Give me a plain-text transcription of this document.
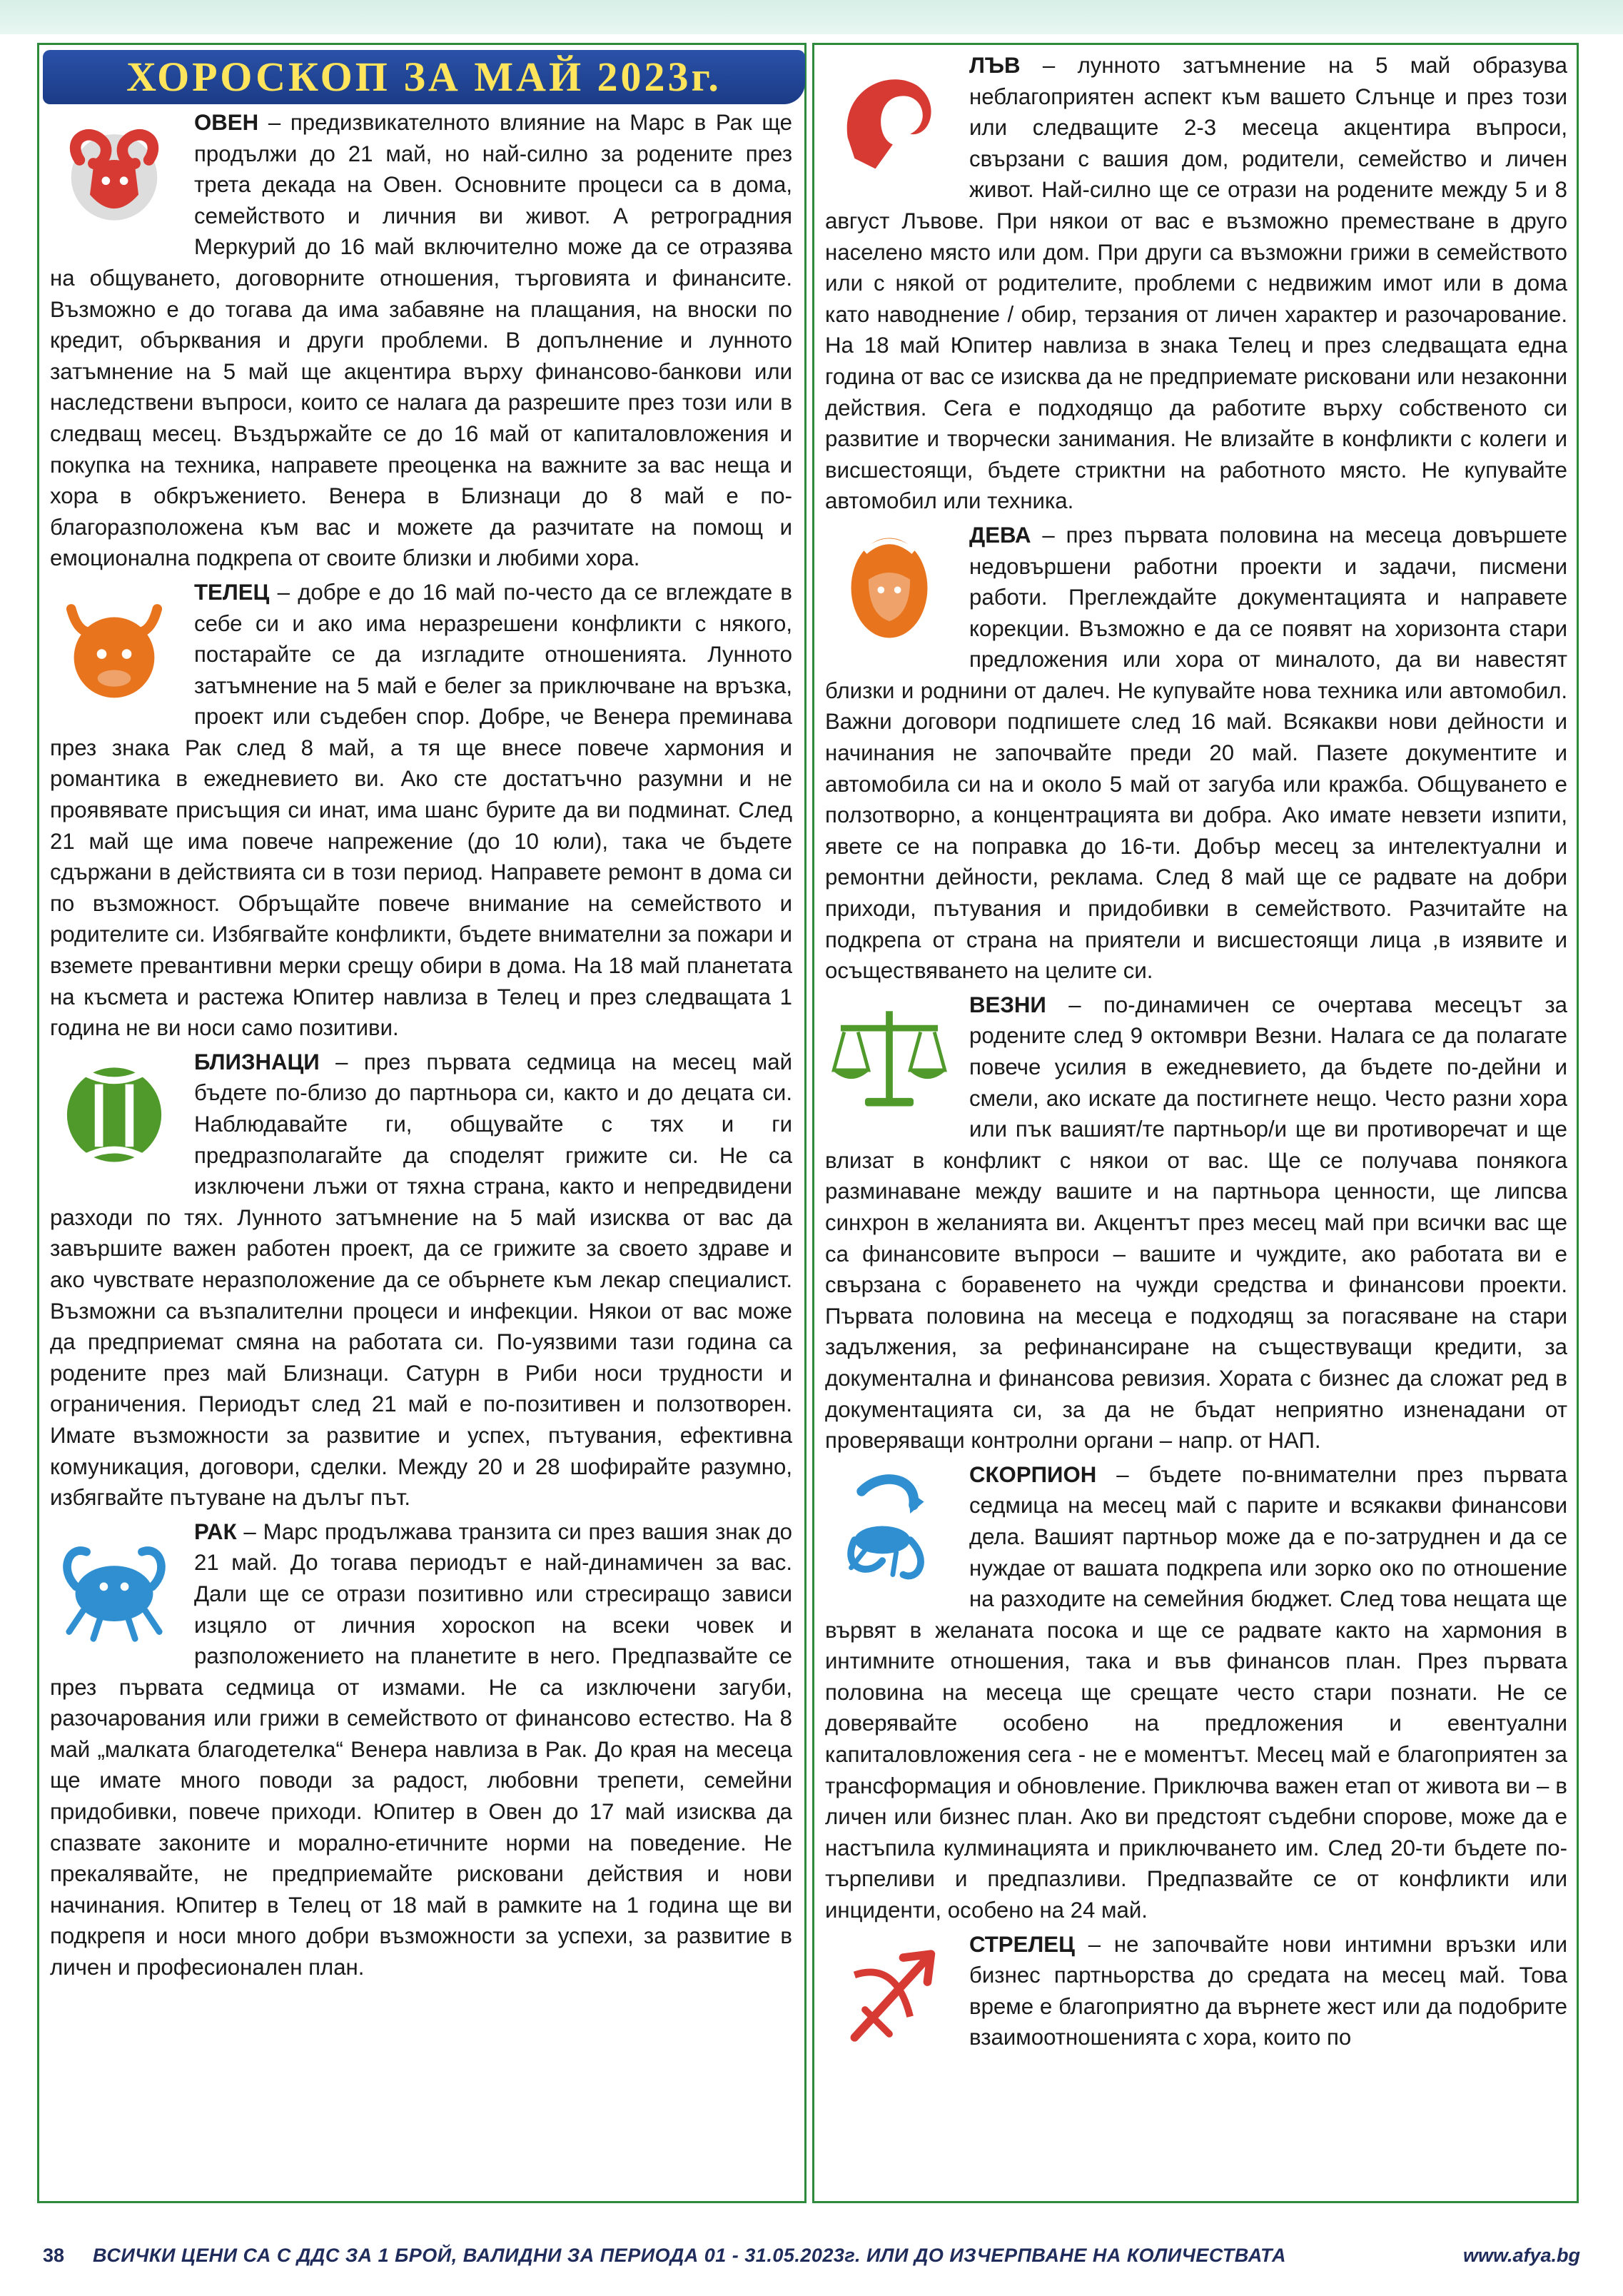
ХОРОСКОП ЗА МАЙ 2023г.

ОВЕН – предизвикателното влияние на Марс в Рак ще продължи до 21 май, но най-силно за родените през трета декада на Овен. Основните процеси са в дома, семейството и личния ви живот. А ретроградния Меркурий до 16 май включително може да се отразява на общуването, договорните отношения, търговията и финансите. Възможно е до тогава да има забавяне на плащания, на вноски по кредит, обърквания и други проблеми. В допълнение и лунното затъмнение на 5 май ще акцентира върху финансово-банкови или наследствени въпроси, които се налага да разрешите през този или в следващ месец. Въздържайте се до 16 май от капиталовложения и покупка на техника, направете преоценка на важните за вас неща и хора в обкръжението. Венера в Близнаци до 8 май е по-благоразположена към вас и можете да разчитате на помощ и емоционална подкрепа от своите близки и любими хора.

ТЕЛЕЦ – добре е до 16 май по-често да се вглеждате в себе си и ако има неразрешени конфликти с някого, постарайте се да изгладите отношенията. Лунното затъмнение на 5 май е белег за приключване на връзка, проект или съдебен спор. Добре, че Венера преминава през знака Рак след 8 май, а тя ще внесе повече хармония и романтика в ежедневието ви. Ако сте достатъчно разумни и не проявявате присъщия си инат, има шанс бурите да ви подминат. След 21 май ще има повече напрежение (до 10 юли), така че бъдете сдържани в действията си в този период. Направете ремонт в дома си по възможност. Обръщайте повече внимание на семейството и родителите си. Избягвайте конфликти, бъдете внимателни за пожари и вземете превантивни мерки срещу обири в дома. На 18 май планетата на късмета и растежа Юпитер навлиза в Телец и през следващата 1 година не ви носи само позитиви.

БЛИЗНАЦИ – през първата седмица на месец май бъдете по-близо до партньора си, както и до децата си. Наблюдавайте ги, общувайте с тях и ги предразполагайте да споделят грижите си. Не са изключени лъжи от тяхна страна, както и непредвидени разходи по тях. Лунното затъмнение на 5 май изисква от вас да завършите важен работен проект, да се грижите за своето здраве и ако чувствате неразположение да се обърнете към лекар специалист. Възможни са възпалителни процеси и инфекции. Някои от вас може да предприемат смяна на работата си. По-уязвими тази година са родените през май Близнаци. Сатурн в Риби носи трудности и ограничения. Периодът след 21 май е по-позитивен и ползотворен. Имате възможности за развитие и успех, пътувания, ефективна комуникация, договори, сделки. Между 20 и 28 шофирайте разумно, избягвайте пътуване на дълъг път.

РАК – Марс продължава транзита си през вашия знак до 21 май. До тогава периодът е най-динамичен за вас. Дали ще се отрази позитивно или стресиращо зависи изцяло от личния хороскоп на всеки човек и разположението на планетите в него. Предпазвайте се през първата седмица от измами. Не са изключени загуби, разочарования или грижи в семейството от финансово естество. На 8 май „малката благодетелка“ Венера навлиза в Рак. До края на месеца ще имате много поводи за радост, любовни трепети, семейни придобивки, повече приходи. Юпитер в Овен до 17 май изисква да спазвате законите и морално-етичните норми на поведение. Не прекалявайте, не предприемайте рисковани действия и нови начинания. Юпитер в Телец от 18 май в рамките на 1 година ще ви подкрепя и носи много добри възможности за успехи, за развитие в личен и професионален план.

ЛЪВ – лунното затъмнение на 5 май образува неблагоприятен аспект към вашето Слънце и през този или следващите 2-3 месеца акцентира въпроси, свързани с вашия дом, родители, семейство и личен живот. Най-силно ще се отрази на родените между 5 и 8 август Лъвове. При някои от вас е възможно преместване в друго населено място или дом. При други са възможни грижи в семейството или с някой от родителите, проблеми с недвижим имот или в дома като наводнение / обир, терзания от личен характер и разочарование. На 18 май Юпитер навлиза в знака Телец и през следващата една година от вас се изисква да не предприемате рисковани или незаконни действия. Сега е подходящо да работите върху собственото си развитие и творчески занимания. Не влизайте в конфликти с колеги и висшестоящи, бъдете стриктни на работното място. Не купувайте автомобил или техника.

ДЕВА – през първата половина на месеца довършете недовършени работни проекти и задачи, писмени работи. Преглеждайте документацията и направете корекции. Възможно е да се появят на хоризонта стари предложения или хора от миналото, да ви навестят близки и роднини от далеч. Не купувайте нова техника или автомобил. Важни договори подпишете след 16 май. Всякакви нови дейности и начинания не започвайте преди 20 май. Пазете документите и автомобила си на и около 5 май от загуба или кражба. Общуването е ползотворно, а концентрацията ви добра. Ако имате невзети изпити, явете се на поправка до 16-ти. Добър месец за интелектуални и ремонтни дейности, реклама. След 8 май ще се радвате на добри приходи, пътувания и придобивки в семейството. Разчитайте на подкрепа от страна на приятели и висшестоящи лица ,в изявите и осъществяването на целите си.

ВЕЗНИ – по-динамичен се очертава месецът за родените след 9 октомври Везни. Налага се да полагате повече усилия в ежедневието, да бъдете по-дейни и смели, ако искате да постигнете нещо. Често разни хора или пък вашият/те партньор/и ще ви противоречат и ще влизат в конфликт с някои от вас. Ще се получава понякога разминаване между вашите и на партньора ценности, ще липсва синхрон в желанията ви. Акцентът през месец май при всички вас ще са финансовите въпроси – вашите и чуждите, ако работата ви е свързана с боравенето на чужди средства и финансови проекти. Първата половина на месеца е подходящ за погасяване на стари задължения, за рефинансиране на съществуващи кредити, за документална и финансова ревизия. Хората с бизнес да сложат ред в документацията си, за да не бъдат неприятно изненадани от проверяващи контролни органи – напр. от НАП.

СКОРПИОН – бъдете по-внимателни през първата седмица на месец май с парите и всякакви финансови дела. Вашият партньор може да е по-затруднен и да се нуждае от вашата подкрепа или зорко око по отношение на разходите на семейния бюджет. След това нещата ще вървят в желаната посока и ще се радвате както на хармония в интимните отношения, така и във финансов план. През първата половина на месеца ще срещате често стари познати. Не се доверявайте особено на предложения и евентуални капиталовложения сега - не е моментът. Месец май е благоприятен за трансформация и обновление. Приключва важен етап от живота ви – в личен или бизнес план. Ако ви предстоят съдебни спорове, може да е настъпила кулминацията и приключването им. След 20-ти бъдете по-търпеливи и предпазливи. Предпазвайте се от конфликти или инциденти, особено на 24 май.

СТРЕЛЕЦ – не започвайте нови интимни връзки или бизнес партньорства до средата на месец май. Това време е благоприятно да върнете жест или да подобрите взаимоотношенията с хора, които по

38 ВСИЧКИ ЦЕНИ СА С ДДС ЗА 1 БРОЙ, ВАЛИДНИ ЗА ПЕРИОДА 01 - 31.05.2023г. ИЛИ ДО ИЗЧЕРПВАНЕ НА КОЛИЧЕСТВАТА	www.afya.bg
